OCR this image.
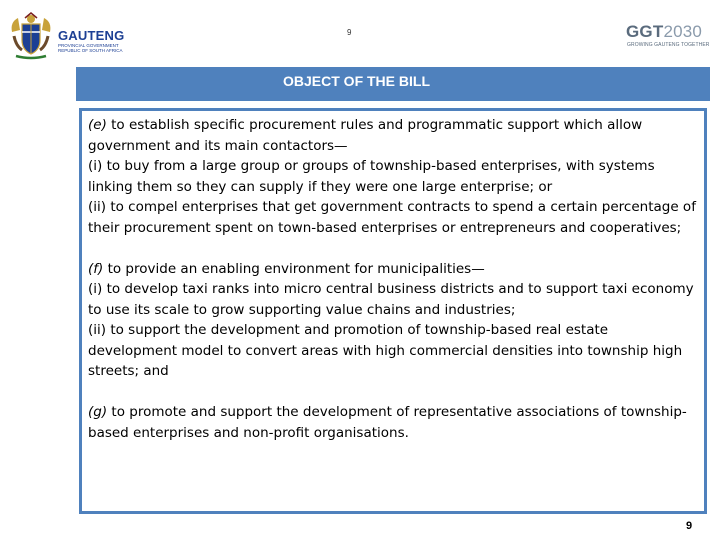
GAUTENG
PROVINCIAL GOVERNMENT REPUBLIC OF SOUTH AFRICA
9	GGT2030
GROWING GAUTENG TOGETHER
OBJECT OF THE BILL

(e) to establish specific procurement rules and programmatic support which allow government and its main contactors—

(i) to buy from a large group or groups of township-based enterprises, with systems linking them so they can supply if they were one large enterprise; or

(ii) to compel enterprises that get government contracts to spend a certain percentage of their procurement spent on town-based enterprises or entrepreneurs and cooperatives;

(f) to provide an enabling environment for municipalities—

(i) to develop taxi ranks into micro central business districts and to support taxi economy to use its scale to grow supporting value chains and industries;

(ii) to support the development and promotion of township-based real estate development model to convert areas with high commercial densities into township high streets; and

(g) to promote and support the development of representative associations of township-based enterprises and non-profit organisations.

9
